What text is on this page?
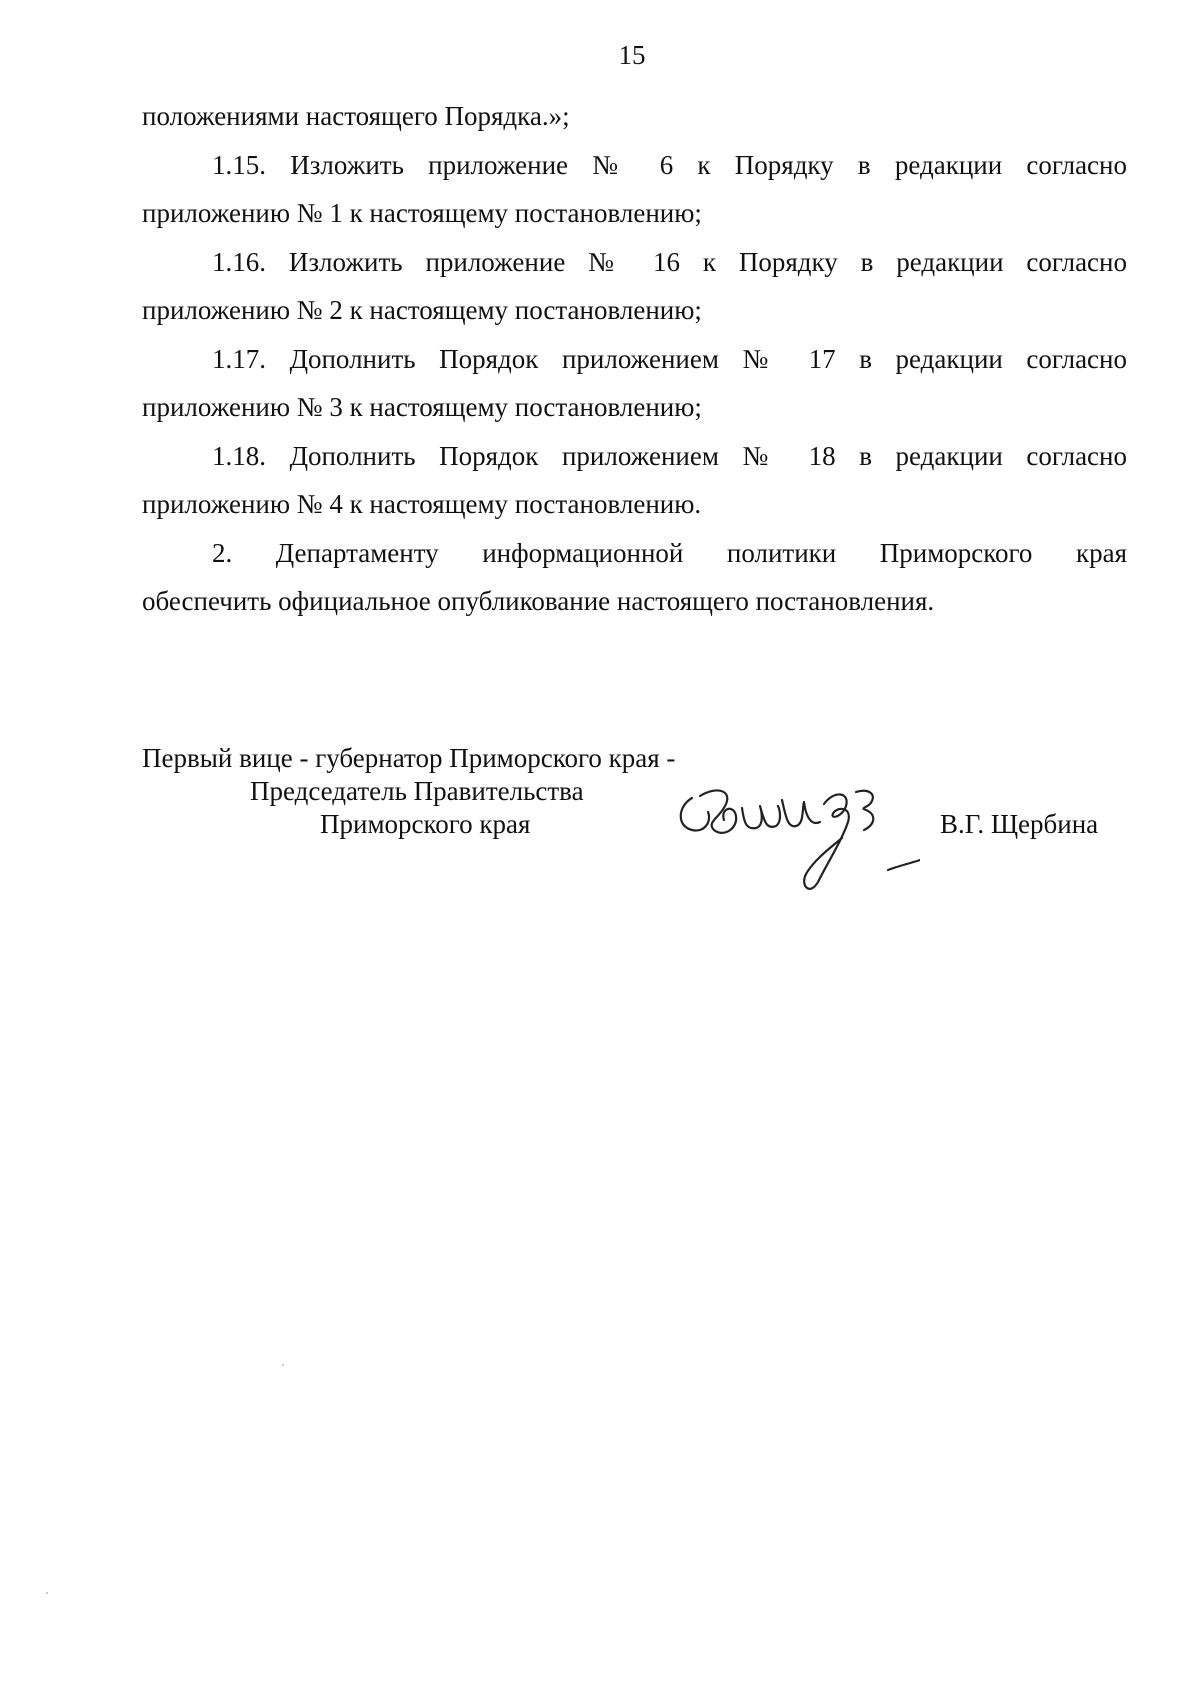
15
положениями настоящего Порядка.»;
1.15. Изложить приложение № 6 к Порядку в редакции согласно
приложению № 1 к настоящему постановлению;
1.16. Изложить приложение № 16 к Порядку в редакции согласно
приложению № 2 к настоящему постановлению;
1.17. Дополнить Порядок приложением № 17 в редакции согласно
приложению № 3 к настоящему постановлению;
1.18. Дополнить Порядок приложением № 18 в редакции согласно
приложению № 4 к настоящему постановлению.
2. Департаменту информационной политики Приморского края
обеспечить официальное опубликование настоящего постановления.
Первый вице - губернатор Приморского края -
Председатель Правительства
Приморского края	В.Г. Щербина
